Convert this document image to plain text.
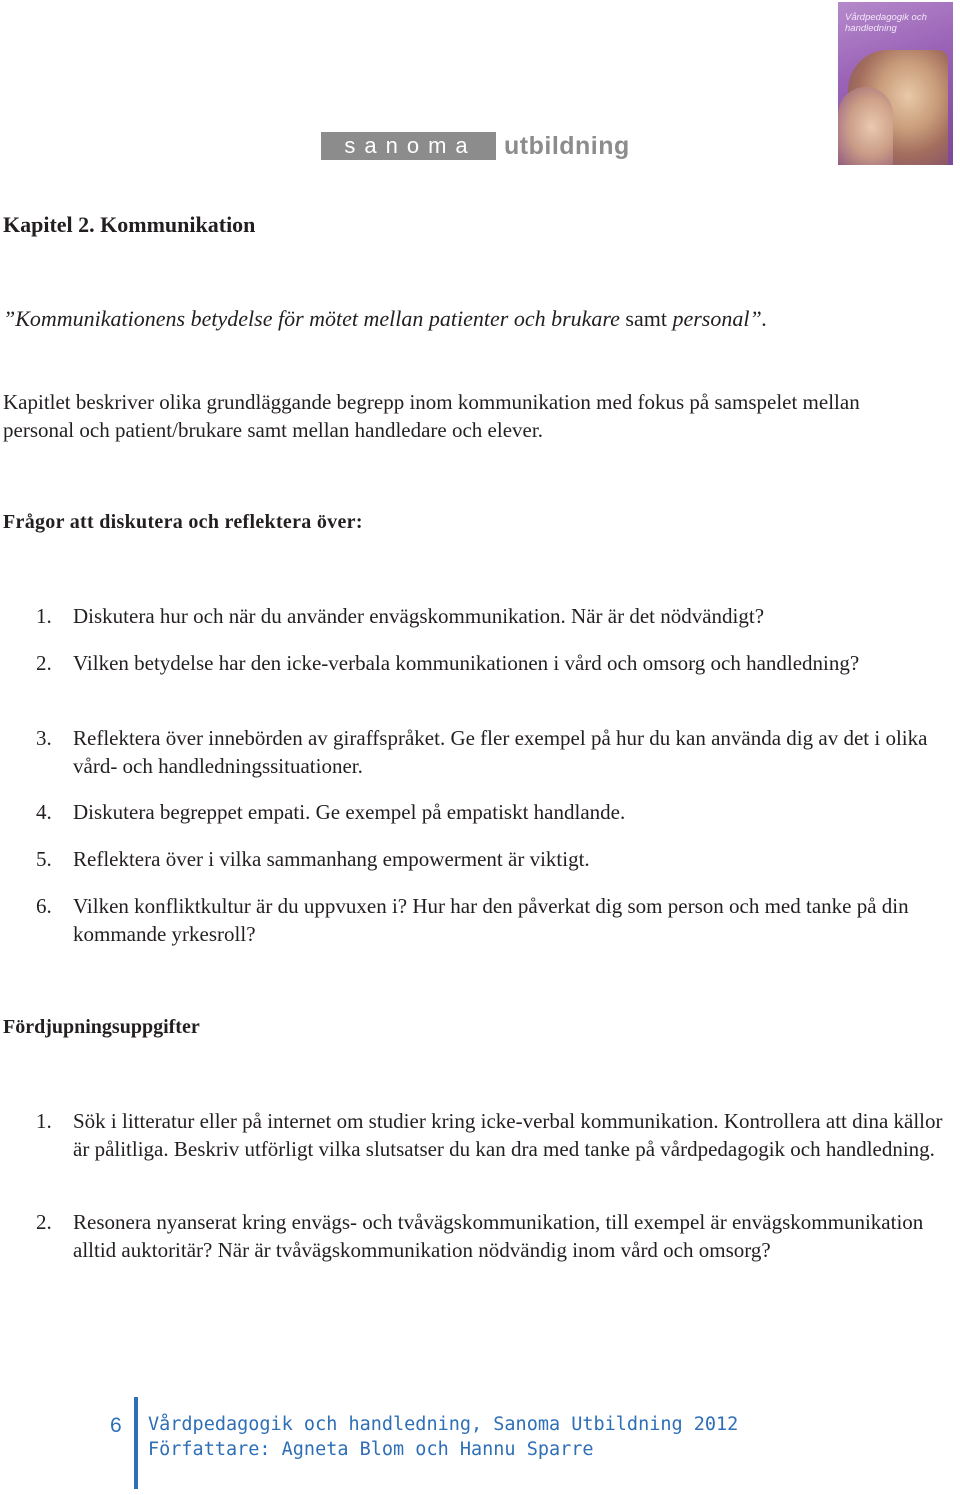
Vårdpedagogik och handledning
sanoma	utbildning
Kapitel 2. Kommunikation

”Kommunikationens betydelse för mötet mellan patienter och brukare samt personal”.

Kapitlet beskriver olika grundläggande begrepp inom kommunikation med fokus på samspelet mellan personal och patient/brukare samt mellan handledare och elever.

Frågor att diskutera och reflektera över:
1.	Diskutera hur och när du använder envägskommunikation. När är det nödvändigt?
2.	Vilken betydelse har den icke-verbala kommunikationen i vård och omsorg och handledning?
3.	Reflektera över innebörden av giraffspråket. Ge fler exempel på hur du kan använda dig av det i olika vård- och handledningssituationer.
4.	Diskutera begreppet empati. Ge exempel på empatiskt handlande.
5.	Reflektera över i vilka sammanhang empowerment är viktigt.
6.	Vilken konfliktkultur är du uppvuxen i? Hur har den påverkat dig som person och med tanke på din kommande yrkesroll?
Fördjupningsuppgifter
1.	Sök i litteratur eller på internet om studier kring icke-verbal kommunikation. Kontrollera att dina källor är pålitliga. Beskriv utförligt vilka slutsatser du kan dra med tanke på vårdpedagogik och handledning.
2.	Resonera nyanserat kring envägs- och tvåvägskommunikation, till exempel är envägskommunikation alltid auktoritär? När är tvåvägskommunikation nödvändig inom vård och omsorg?
6 Vårdpedagogik och handledning, Sanoma Utbildning 2012
Författare: Agneta Blom och Hannu Sparre
